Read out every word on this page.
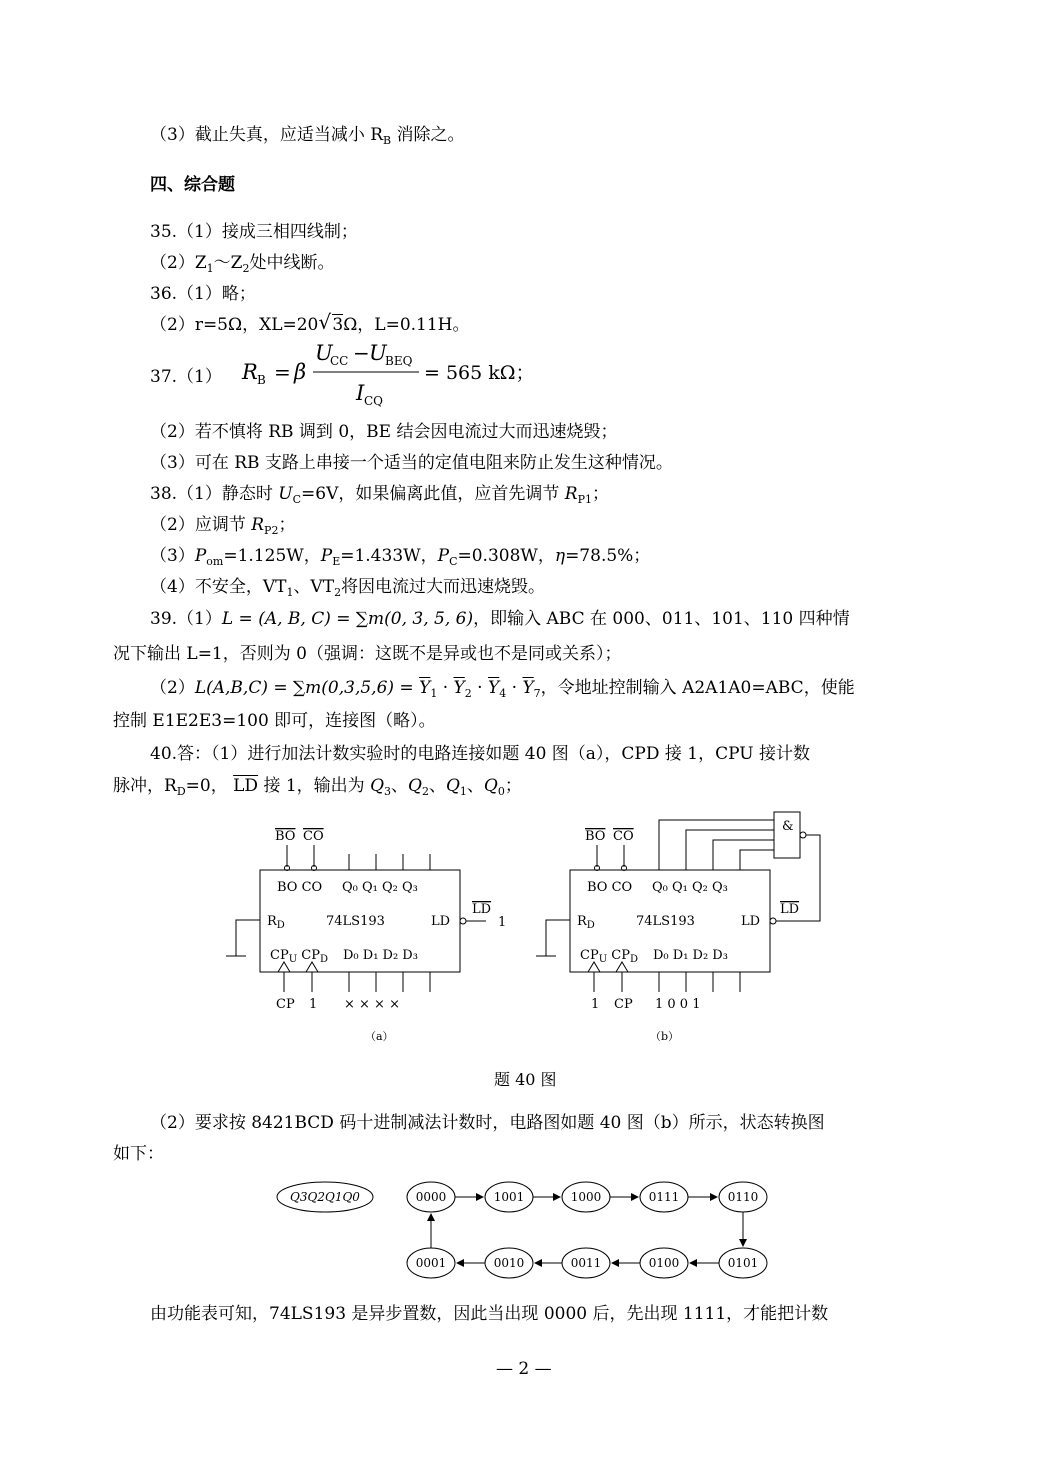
（3）截止失真，应适当减小 $R_B$ 消除之。
四、综合题
35.（1）接成三相四线制；
$(2)Z_1\sim Z_2$处中线断。
36.（1）略；
（2）r=5Ω，XL=20 √ 3Ω，L=0.11H。
37.（1） R B = β
U
CC − U
BEQ
I CQ
= 565 kΩ；
（2）若不慎将 RB 调到 0，BE 结会因电流过大而迅速烧毁；
（3）可在 RB 支路上串接一个适当的定值电阻来防止发生这种情况。
38.（1）静态时 $U_C=6V$，如果偏离此值，应首先调节 $R_{P1}$；
（2）应调节 $R_{P2}$；
$(3)P_{om}=1.125W$，$P_E=1.433W$，$P_C=0.308W$，η=78.5%；
（4）不安全，$VT_1$、$VT_2$将因电流过大而迅速烧毁。
39.（1）L = (A, B, C) = ∑m(0, 3, 5, 6)，即输入 ABC 在 000、011、101、110 四种情
况下输出 L=1，否则为 0（强调：这既不是异或也不是同或关系）；
$(2)L(A,B,C) = \sum m(0,3,5,6) = \overline{Y}_1 \cdot \overline{Y}_2 \cdot \overline{Y}_4 \cdot \overline{Y}_7$，令地址控制输入 A2A1A0=ABC，使能
控制 E1E2E3=100 即可，连接图（略）。
40.答：（1）进行加法计数实验时的电路连接如题 40 图（a），CPD 接 1，CPU 接计数
脉冲，$R_D=0$， $\overline{LD}$ 接 1，输出为 $Q_3$、$Q_2$、$Q_1$、$Q_0$；
BO CO
BO CO Q₀ Q₁ Q₂ Q₃
$R_D$	74LS193	LD
LD
1
$CP_U$ $CP_D$ D₀ D₁ D₂ D₃
CP 1 × × × ×
（a）
BO CO
&
BO CO Q₀ Q₁ Q₂ Q₃
$R_D$	74LS193	LD
LD
$CP_U$ $CP_D$ D₀ D₁ D₂ D₃
1 CP 1 0 0 1
（b）
题 40 图
（2）要求按 8421BCD 码十进制减法计数时，电路图如题 40 图（b）所示，状态转换图
如下：
Q3Q2Q1Q0	0000	1001	1000	0111	0110
0001	0010	0011	0100	0101
由功能表可知，74LS193 是异步置数，因此当出现 0000 后，先出现 1111，才能把计数
— 2 —
